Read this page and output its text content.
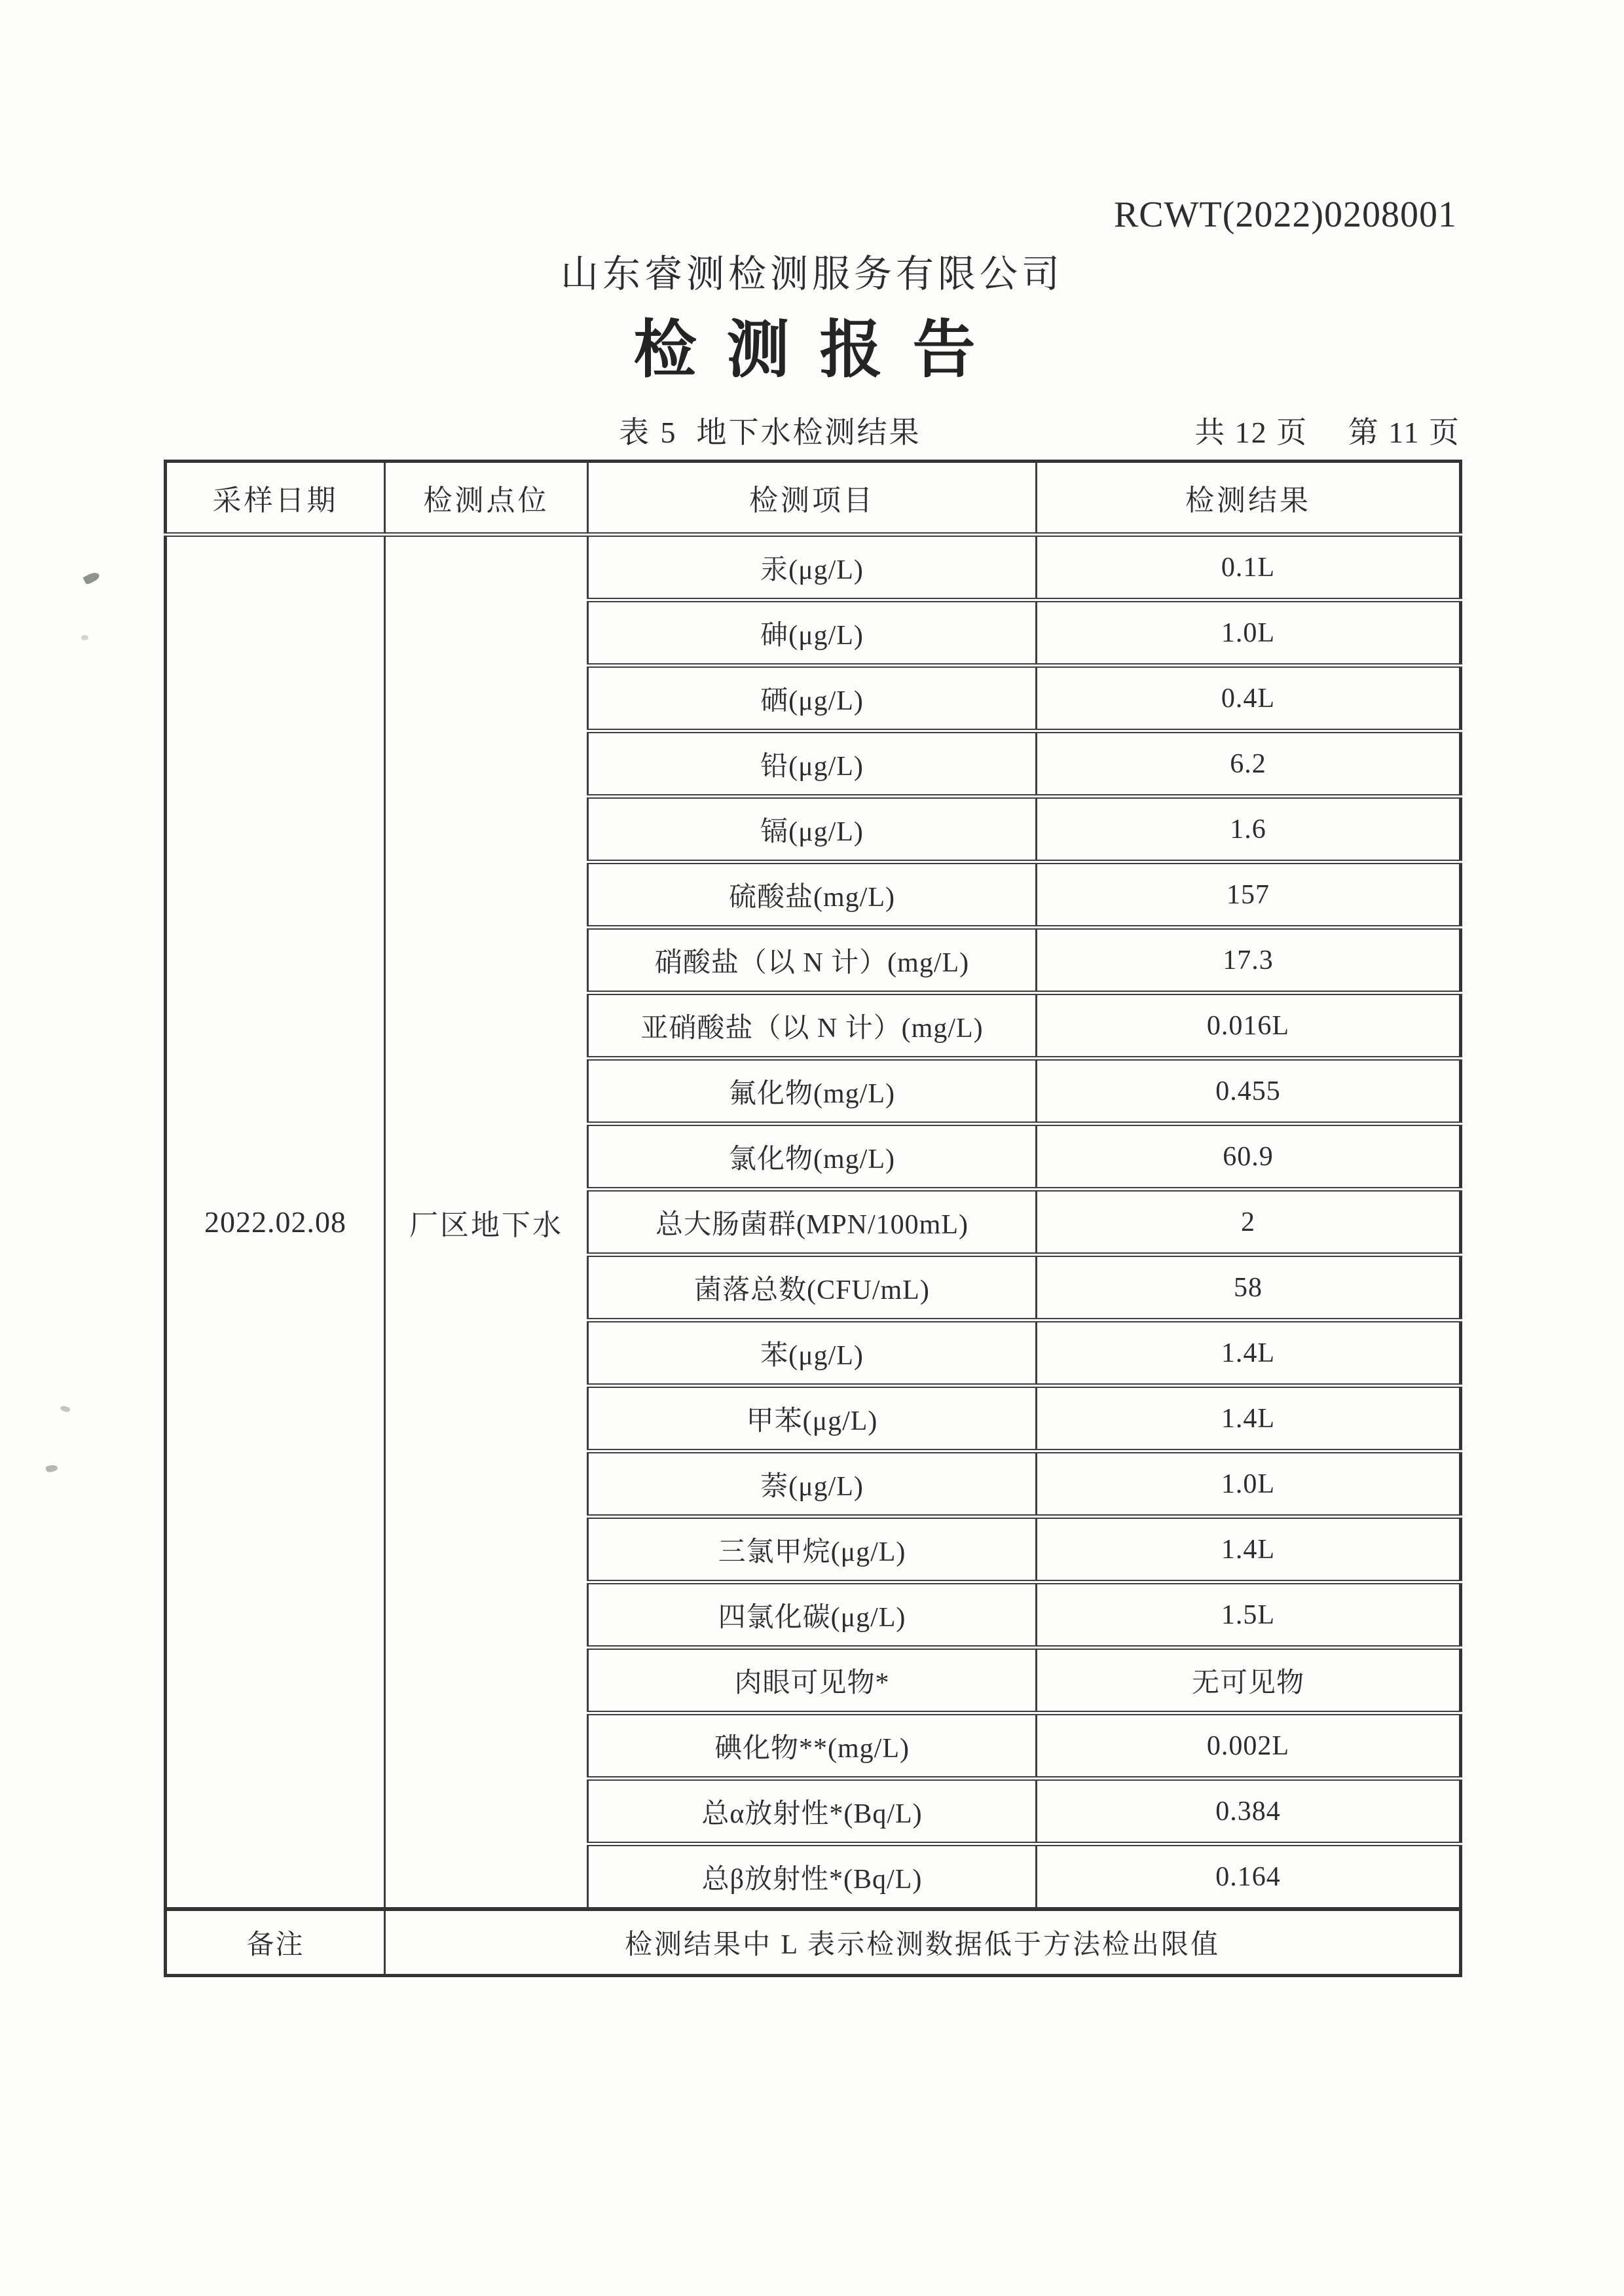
RCWT(2022)0208001
山东睿测检测服务有限公司
检测报告
表 5  地下水检测结果	共 12 页　 第 11 页
采样日期	检测点位	检测项目	检测结果
2022.02.08	厂区地下水	汞(μg/L)	0.1L
		砷(μg/L)	1.0L
		硒(μg/L)	0.4L
		铅(μg/L)	6.2
		镉(μg/L)	1.6
		硫酸盐(mg/L)	157
		硝酸盐（以 N 计）(mg/L)	17.3
		亚硝酸盐（以 N 计）(mg/L)	0.016L
		氟化物(mg/L)	0.455
		氯化物(mg/L)	60.9
		总大肠菌群(MPN/100mL)	2
		菌落总数(CFU/mL)	58
		苯(μg/L)	1.4L
		甲苯(μg/L)	1.4L
		萘(μg/L)	1.0L
		三氯甲烷(μg/L)	1.4L
		四氯化碳(μg/L)	1.5L
		肉眼可见物*	无可见物
		碘化物**(mg/L)	0.002L
		总α放射性*(Bq/L)	0.384
		总β放射性*(Bq/L)	0.164
备注	检测结果中 L 表示检测数据低于方法检出限值		
